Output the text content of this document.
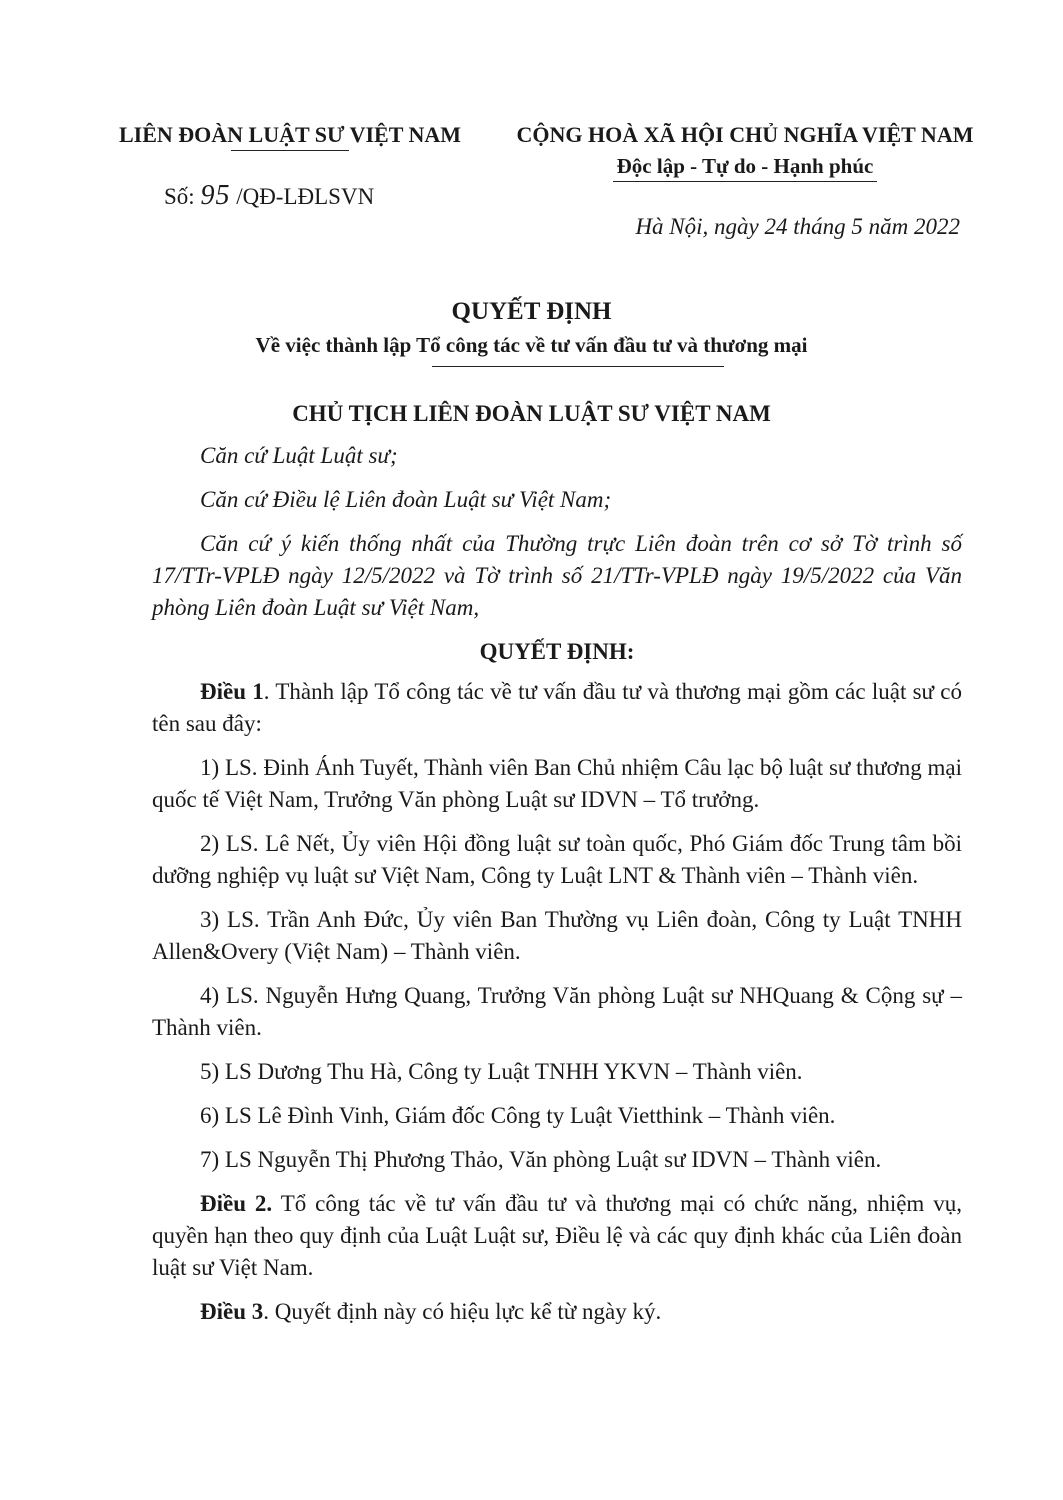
LIÊN ĐOÀN LUẬT SƯ VIỆT NAM
Số: 95 /QĐ-LĐLSVN
CỘNG HOÀ XÃ HỘI CHỦ NGHĨA VIỆT NAM
Độc lập - Tự do - Hạnh phúc
Hà Nội, ngày 24 tháng 5 năm 2022
QUYẾT ĐỊNH
Về việc thành lập Tổ công tác về tư vấn đầu tư và thương mại
CHỦ TỊCH LIÊN ĐOÀN LUẬT SƯ VIỆT NAM

Căn cứ Luật Luật sư;

Căn cứ Điều lệ Liên đoàn Luật sư Việt Nam;

Căn cứ ý kiến thống nhất của Thường trực Liên đoàn trên cơ sở Tờ trình số 17/TTr-VPLĐ ngày 12/5/2022 và Tờ trình số 21/TTr-VPLĐ ngày 19/5/2022 của Văn phòng Liên đoàn Luật sư Việt Nam,

QUYẾT ĐỊNH:

Điều 1. Thành lập Tổ công tác về tư vấn đầu tư và thương mại gồm các luật sư có tên sau đây:

1) LS. Đinh Ánh Tuyết, Thành viên Ban Chủ nhiệm Câu lạc bộ luật sư thương mại quốc tế Việt Nam, Trưởng Văn phòng Luật sư IDVN – Tổ trưởng.

2) LS. Lê Nết, Ủy viên Hội đồng luật sư toàn quốc, Phó Giám đốc Trung tâm bồi dưỡng nghiệp vụ luật sư Việt Nam, Công ty Luật LNT & Thành viên – Thành viên.

3) LS. Trần Anh Đức, Ủy viên Ban Thường vụ Liên đoàn, Công ty Luật TNHH Allen&Overy (Việt Nam) – Thành viên.

4) LS. Nguyễn Hưng Quang, Trưởng Văn phòng Luật sư NHQuang & Cộng sự – Thành viên.

5) LS Dương Thu Hà, Công ty Luật TNHH YKVN – Thành viên.

6) LS Lê Đình Vinh, Giám đốc Công ty Luật Vietthink – Thành viên.

7) LS Nguyễn Thị Phương Thảo, Văn phòng Luật sư IDVN – Thành viên.

Điều 2. Tổ công tác về tư vấn đầu tư và thương mại có chức năng, nhiệm vụ, quyền hạn theo quy định của Luật Luật sư, Điều lệ và các quy định khác của Liên đoàn luật sư Việt Nam.

Điều 3. Quyết định này có hiệu lực kể từ ngày ký.
